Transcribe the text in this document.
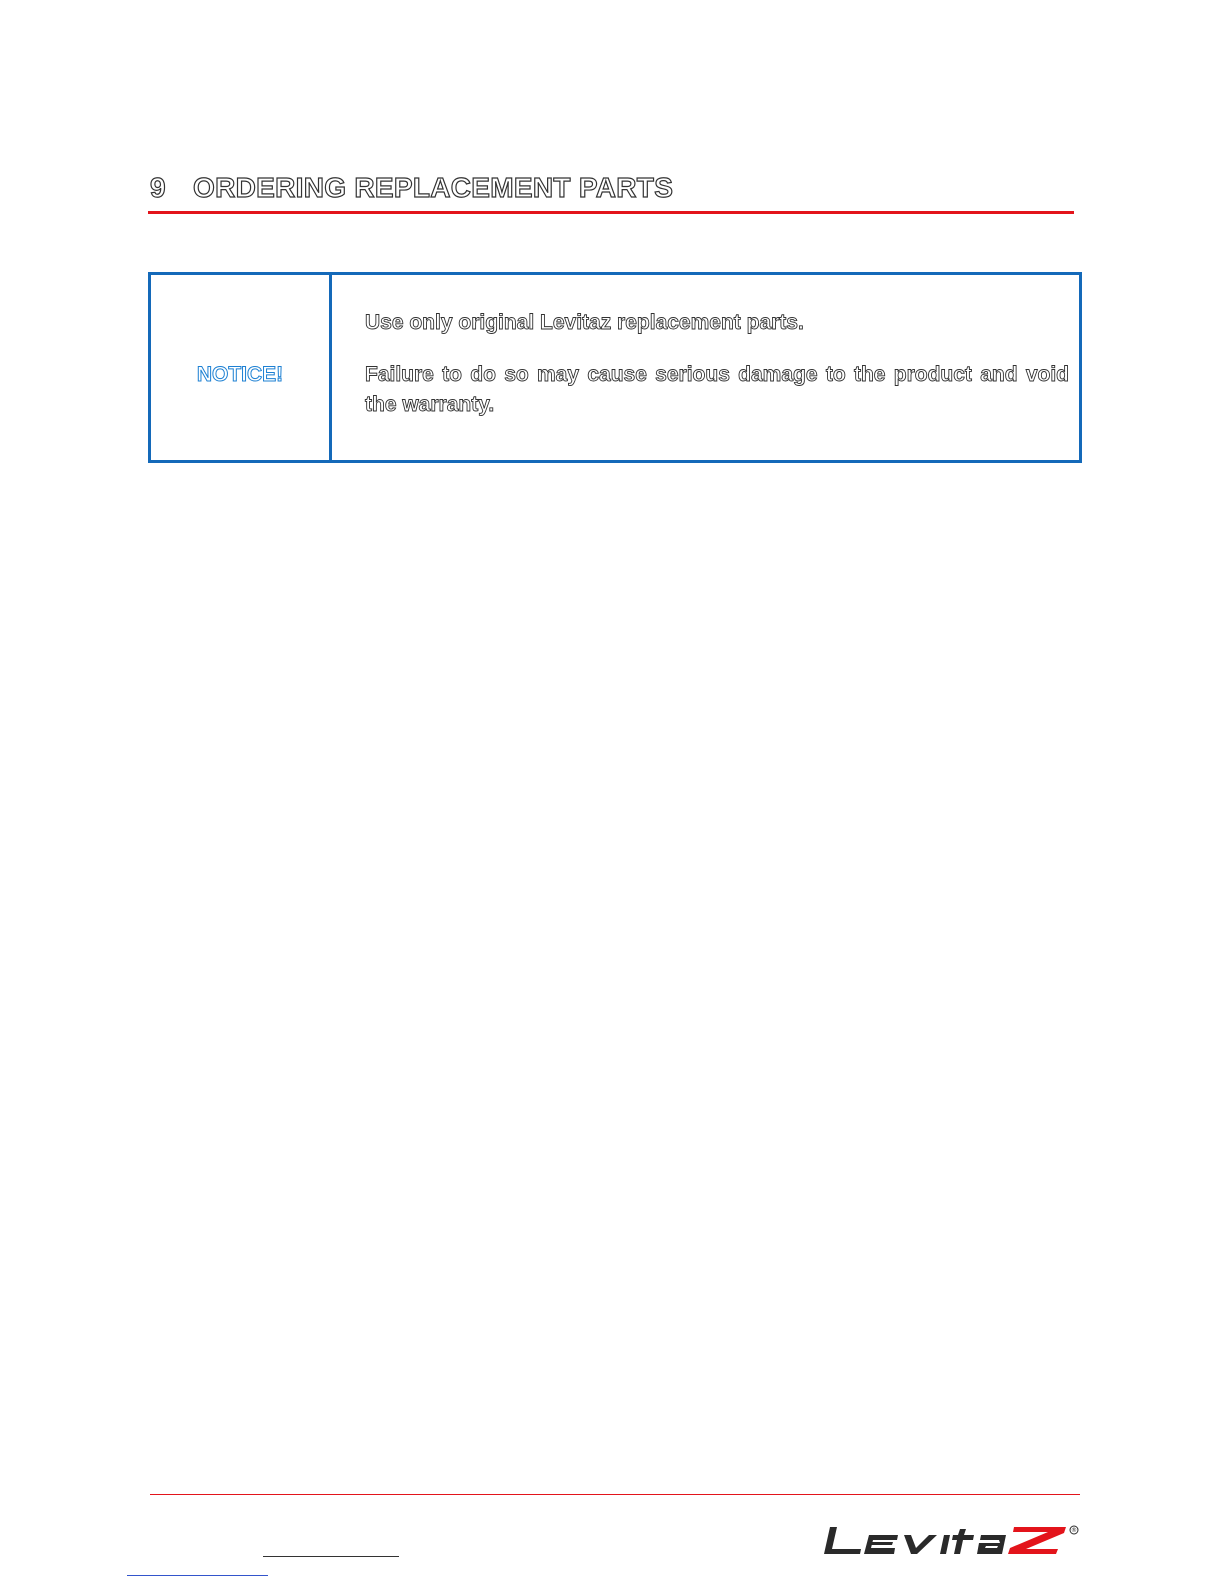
9 ORDERING REPLACEMENT PARTS
NOTICE!
Use only original Levitaz replacement parts.
Failure to do so may cause serious damage to the product and void the warranty.
®
